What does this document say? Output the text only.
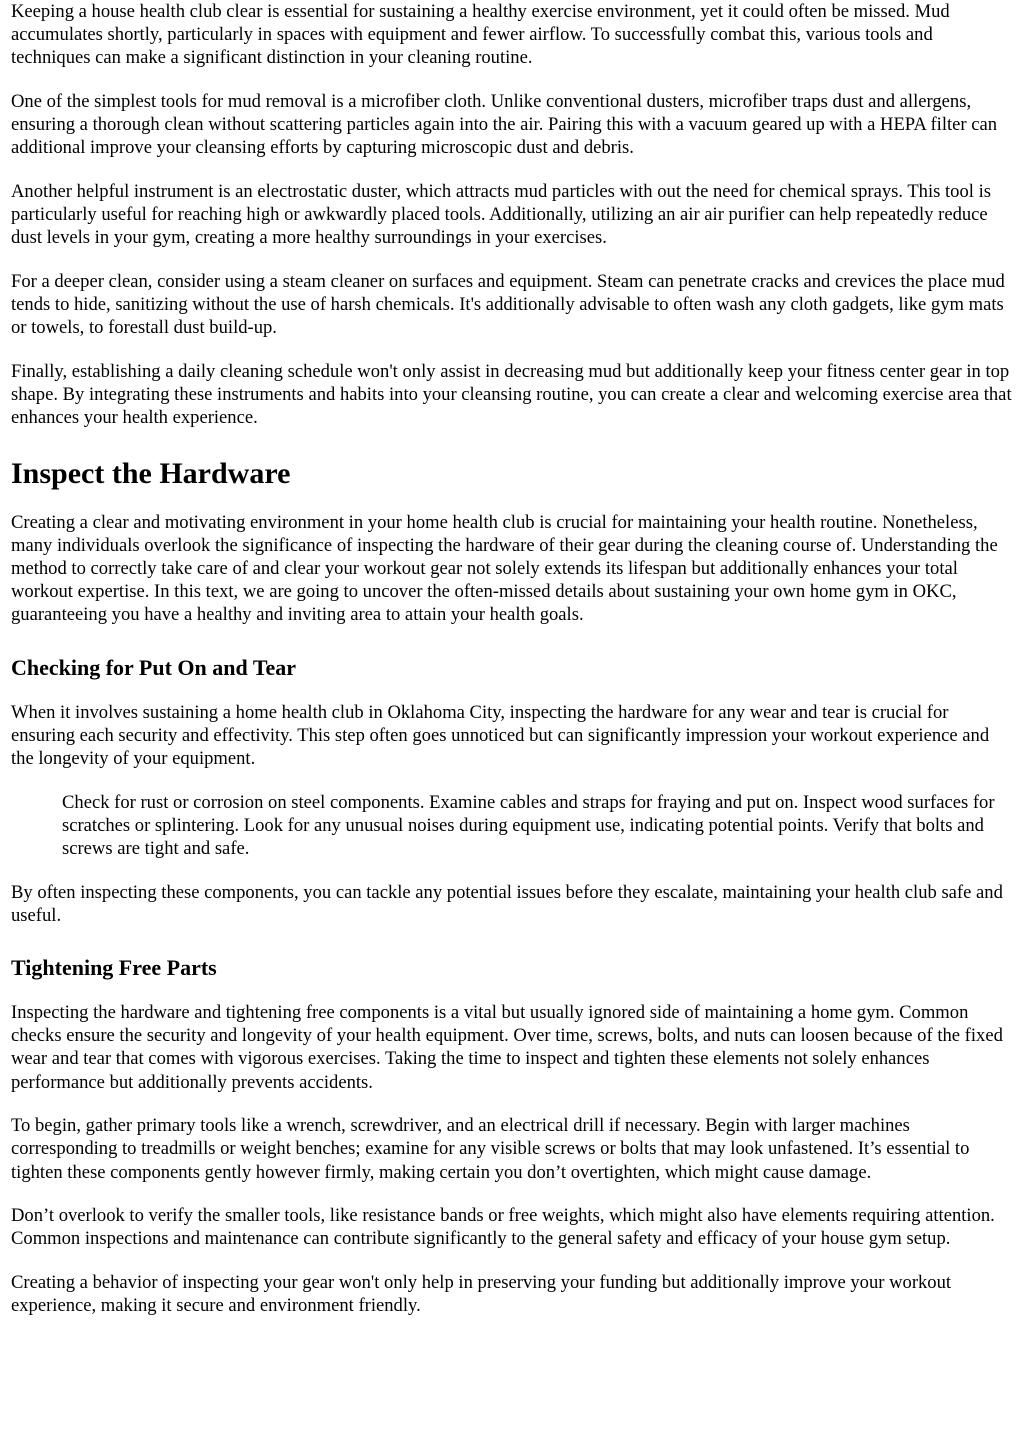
Keeping a house health club clear is essential for sustaining a healthy exercise environment, yet it could often be missed. Mud accumulates shortly, particularly in spaces with equipment and fewer airflow. To successfully combat this, various tools and techniques can make a significant distinction in your cleaning routine.

One of the simplest tools for mud removal is a microfiber cloth. Unlike conventional dusters, microfiber traps dust and allergens, ensuring a thorough clean without scattering particles again into the air. Pairing this with a vacuum geared up with a HEPA filter can additional improve your cleansing efforts by capturing microscopic dust and debris.

Another helpful instrument is an electrostatic duster, which attracts mud particles with out the need for chemical sprays. This tool is particularly useful for reaching high or awkwardly placed tools. Additionally, utilizing an air air purifier can help repeatedly reduce dust levels in your gym, creating a more healthy surroundings in your exercises.

For a deeper clean, consider using a steam cleaner on surfaces and equipment. Steam can penetrate cracks and crevices the place mud tends to hide, sanitizing without the use of harsh chemicals. It's additionally advisable to often wash any cloth gadgets, like gym mats or towels, to forestall dust build-up.

Finally, establishing a daily cleaning schedule won't only assist in decreasing mud but additionally keep your fitness center gear in top shape. By integrating these instruments and habits into your cleansing routine, you can create a clear and welcoming exercise area that enhances your health experience.

Inspect the Hardware

Creating a clear and motivating environment in your home health club is crucial for maintaining your health routine. Nonetheless, many individuals overlook the significance of inspecting the hardware of their gear during the cleaning course of. Understanding the method to correctly take care of and clear your workout gear not solely extends its lifespan but additionally enhances your total workout expertise. In this text, we are going to uncover the often-missed details about sustaining your own home gym in OKC, guaranteeing you have a healthy and inviting area to attain your health goals.

Checking for Put On and Tear

When it involves sustaining a home health club in Oklahoma City, inspecting the hardware for any wear and tear is crucial for ensuring each security and effectivity. This step often goes unnoticed but can significantly impression your workout experience and the longevity of your equipment.

Check for rust or corrosion on steel components. Examine cables and straps for fraying and put on. Inspect wood surfaces for scratches or splintering. Look for any unusual noises during equipment use, indicating potential points. Verify that bolts and screws are tight and safe.

By often inspecting these components, you can tackle any potential issues before they escalate, maintaining your health club safe and useful.

Tightening Free Parts

Inspecting the hardware and tightening free components is a vital but usually ignored side of maintaining a home gym. Common checks ensure the security and longevity of your health equipment. Over time, screws, bolts, and nuts can loosen because of the fixed wear and tear that comes with vigorous exercises. Taking the time to inspect and tighten these elements not solely enhances performance but additionally prevents accidents.

To begin, gather primary tools like a wrench, screwdriver, and an electrical drill if necessary. Begin with larger machines corresponding to treadmills or weight benches; examine for any visible screws or bolts that may look unfastened. It’s essential to tighten these components gently however firmly, making certain you don’t overtighten, which might cause damage.

Don’t overlook to verify the smaller tools, like resistance bands or free weights, which might also have elements requiring attention. Common inspections and maintenance can contribute significantly to the general safety and efficacy of your house gym setup.

Creating a behavior of inspecting your gear won't only help in preserving your funding but additionally improve your workout experience, making it secure and environment friendly.
